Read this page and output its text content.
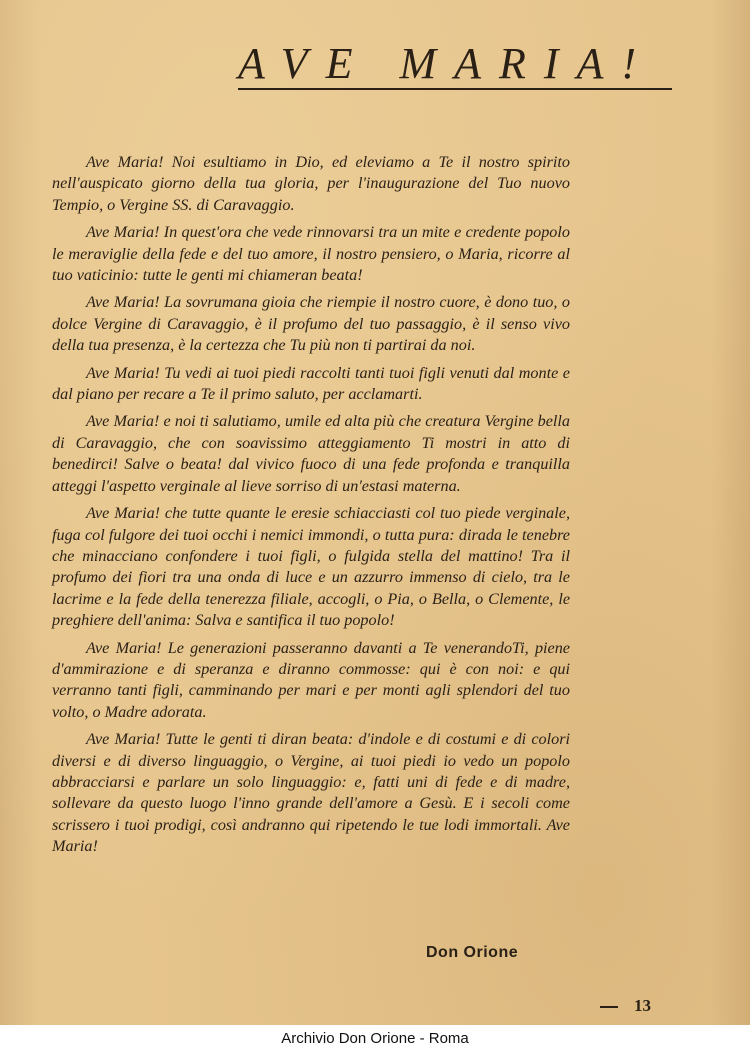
AVE MARIA!

Ave Maria! Noi esultiamo in Dio, ed eleviamo a Te il nostro spirito nell'auspicato giorno della tua gloria, per l'inaugurazione del Tuo nuovo Tempio, o Vergine SS. di Caravaggio.

Ave Maria! In quest'ora che vede rinnovarsi tra un mite e credente popolo le meraviglie della fede e del tuo amore, il nostro pensiero, o Maria, ricorre al tuo vaticinio: tutte le genti mi chiameran beata!

Ave Maria! La sovrumana gioia che riempie il nostro cuore, è dono tuo, o dolce Vergine di Caravaggio, è il profumo del tuo passaggio, è il senso vivo della tua presenza, è la certezza che Tu più non ti partirai da noi.

Ave Maria! Tu vedi ai tuoi piedi raccolti tanti tuoi figli venuti dal monte e dal piano per recare a Te il primo saluto, per acclamarti.

Ave Maria! e noi ti salutiamo, umile ed alta più che creatura Vergine bella di Caravaggio, che con soavissimo atteggiamento Ti mostri in atto di benedirci! Salve o beata! dal vivico fuoco di una fede profonda e tranquilla atteggi l'aspetto verginale al lieve sorriso di un'estasi materna.

Ave Maria! che tutte quante le eresie schiacciasti col tuo piede verginale, fuga col fulgore dei tuoi occhi i nemici immondi, o tutta pura: dirada le tenebre che minacciano confondere i tuoi figli, o fulgida stella del mattino! Tra il profumo dei fiori tra una onda di luce e un azzurro immenso di cielo, tra le lacrime e la fede della tenerezza filiale, accogli, o Pia, o Bella, o Clemente, le preghiere dell'anima: Salva e santifica il tuo popolo!

Ave Maria! Le generazioni passeranno davanti a Te venerandoTi, piene d'ammirazione e di speranza e diranno commosse: qui è con noi: e qui verranno tanti figli, camminando per mari e per monti agli splendori del tuo volto, o Madre adorata.

Ave Maria! Tutte le genti ti diran beata: d'indole e di costumi e di colori diversi e di diverso linguaggio, o Vergine, ai tuoi piedi io vedo un popolo abbracciarsi e parlare un solo linguaggio: e, fatti uni di fede e di madre, sollevare da questo luogo l'inno grande dell'amore a Gesù. E i secoli come scrissero i tuoi prodigi, così andranno qui ripetendo le tue lodi immortali. Ave Maria!

Don Orione
13
Archivio Don Orione - Roma
